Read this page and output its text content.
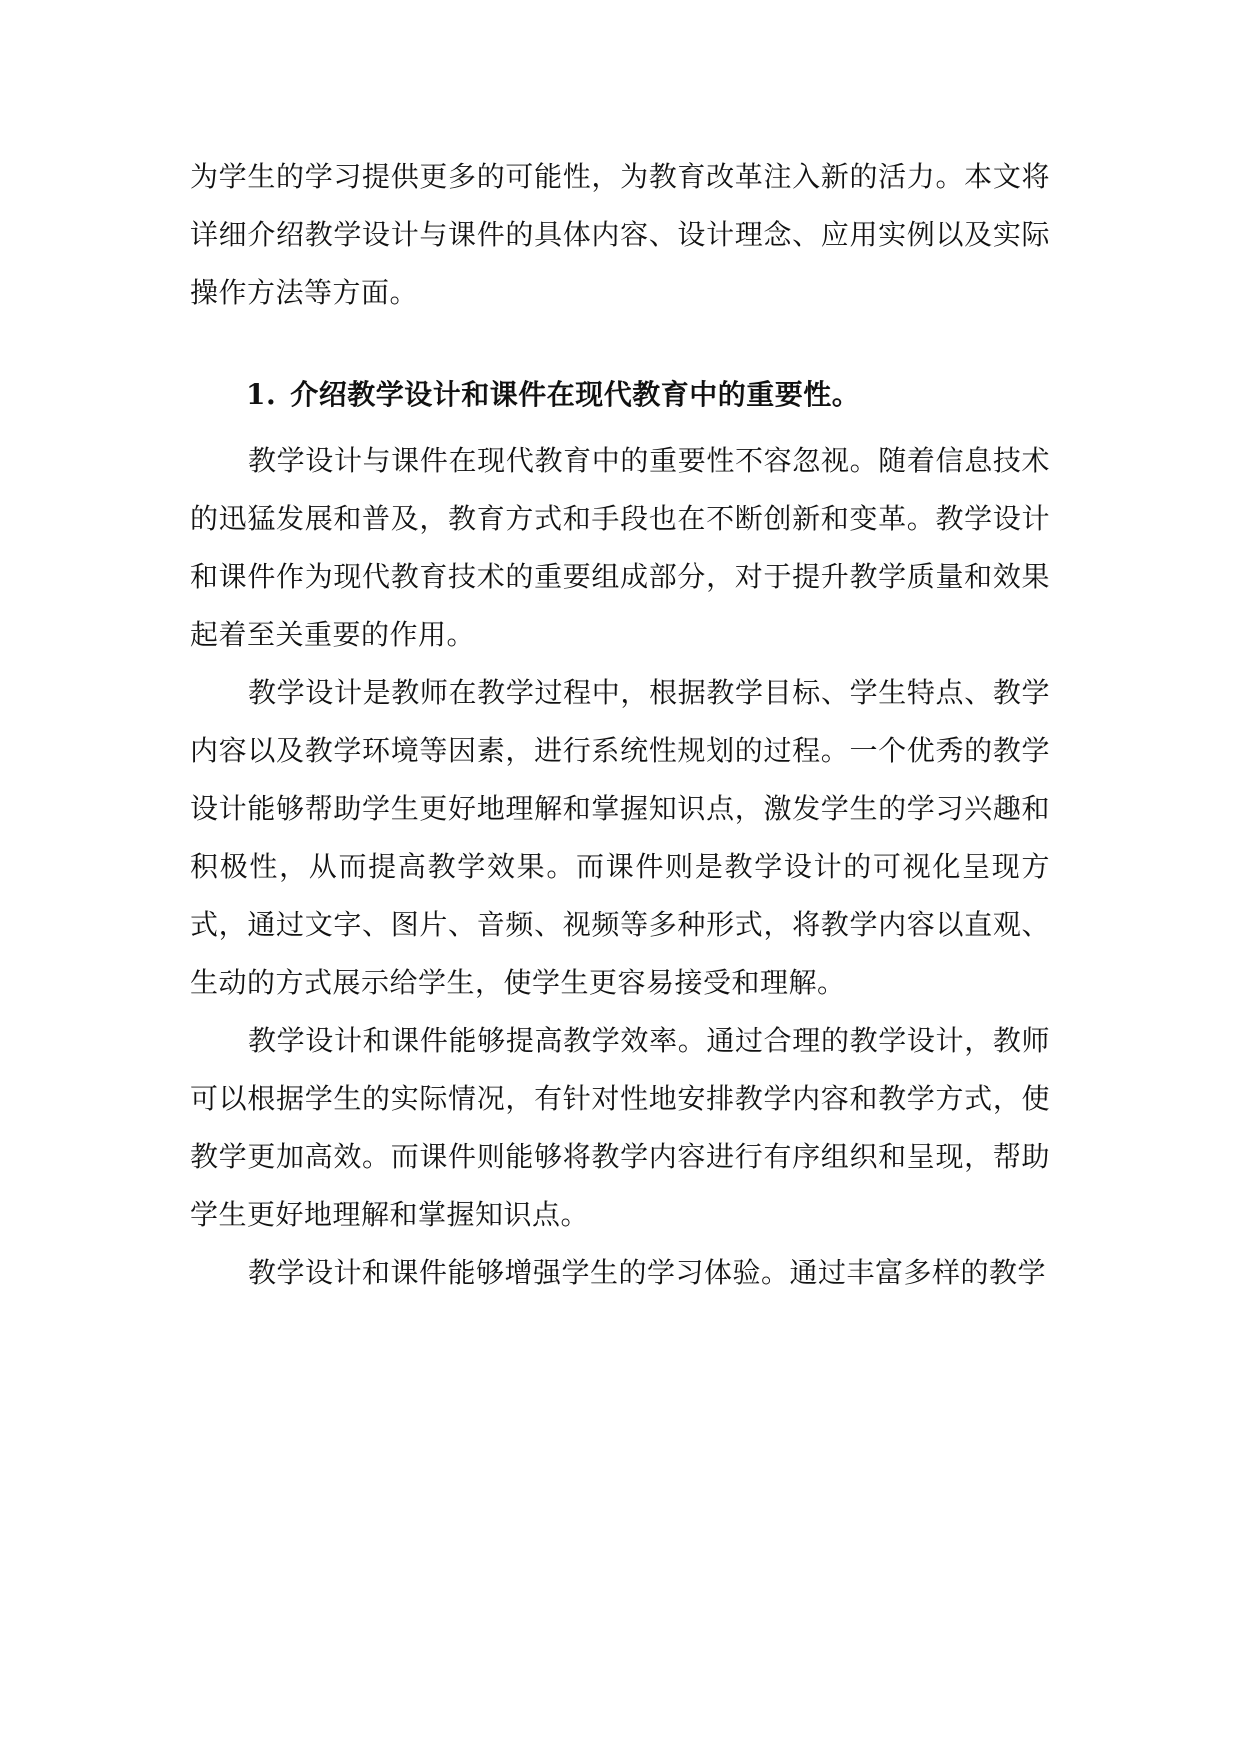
为学生的学习提供更多的可能性，为教育改革注入新的活力。本文将详细介绍教学设计与课件的具体内容、设计理念、应用实例以及实际操作方法等方面。

1. 介绍教学设计和课件在现代教育中的重要性。

教学设计与课件在现代教育中的重要性不容忽视。随着信息技术的迅猛发展和普及，教育方式和手段也在不断创新和变革。教学设计和课件作为现代教育技术的重要组成部分，对于提升教学质量和效果起着至关重要的作用。

教学设计是教师在教学过程中，根据教学目标、学生特点、教学内容以及教学环境等因素，进行系统性规划的过程。一个优秀的教学设计能够帮助学生更好地理解和掌握知识点，激发学生的学习兴趣和积极性，从而提高教学效果。而课件则是教学设计的可视化呈现方式，通过文字、图片、音频、视频等多种形式，将教学内容以直观、生动的方式展示给学生，使学生更容易接受和理解。

教学设计和课件能够提高教学效率。通过合理的教学设计，教师可以根据学生的实际情况，有针对性地安排教学内容和教学方式，使教学更加高效。而课件则能够将教学内容进行有序组织和呈现，帮助学生更好地理解和掌握知识点。

教学设计和课件能够增强学生的学习体验。通过丰富多样的教学
